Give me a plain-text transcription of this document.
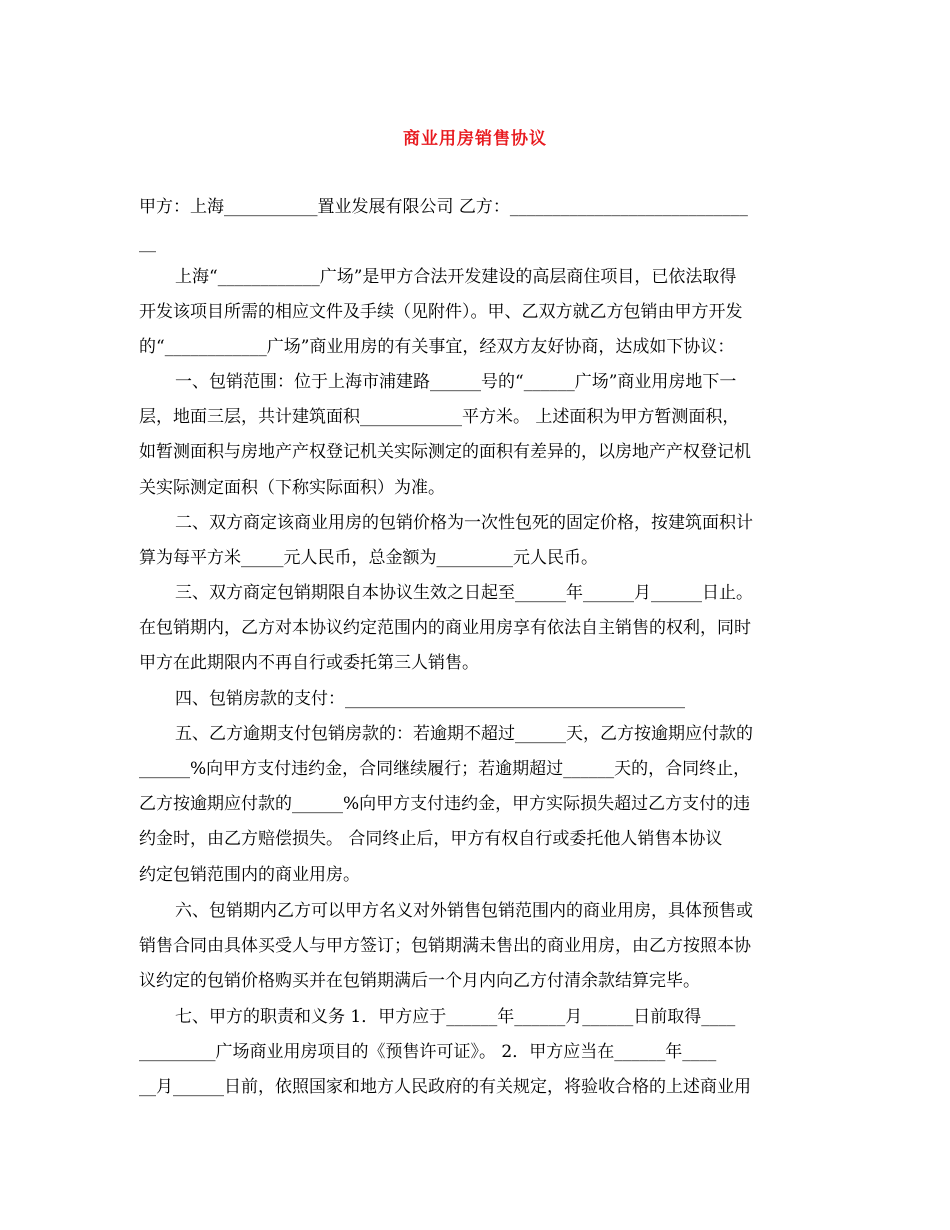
商业用房销售协议
甲方：上海___________置业发展有限公司 乙方：____________________________
__
上海“____________广场”是甲方合法开发建设的高层商住项目，已依法取得
开发该项目所需的相应文件及手续（见附件）。甲、乙双方就乙方包销由甲方开发
的“____________广场”商业用房的有关事宜，经双方友好协商，达成如下协议：
一、包销范围：位于上海市浦建路______号的“______广场”商业用房地下一
层，地面三层，共计建筑面积____________平方米。 上述面积为甲方暂测面积，
如暂测面积与房地产产权登记机关实际测定的面积有差异的，以房地产产权登记机
关实际测定面积（下称实际面积）为准。
二、双方商定该商业用房的包销价格为一次性包死的固定价格，按建筑面积计
算为每平方米_____元人民币，总金额为_________元人民币。
三、双方商定包销期限自本协议生效之日起至______年______月______日止。
在包销期内，乙方对本协议约定范围内的商业用房享有依法自主销售的权利，同时
甲方在此期限内不再自行或委托第三人销售。
四、包销房款的支付：________________________________________
五、乙方逾期支付包销房款的：若逾期不超过______天，乙方按逾期应付款的
______%向甲方支付违约金，合同继续履行；若逾期超过______天的，合同终止，
乙方按逾期应付款的______%向甲方支付违约金，甲方实际损失超过乙方支付的违
约金时，由乙方赔偿损失。 合同终止后，甲方有权自行或委托他人销售本协议
约定包销范围内的商业用房。
六、包销期内乙方可以甲方名义对外销售包销范围内的商业用房，具体预售或
销售合同由具体买受人与甲方签订；包销期满未售出的商业用房，由乙方按照本协
议约定的包销价格购买并在包销期满后一个月内向乙方付清余款结算完毕。
七、甲方的职责和义务 1．甲方应于______年______月______日前取得____
_________广场商业用房项目的《预售许可证》。 2．甲方应当在______年____
__月______日前，依照国家和地方人民政府的有关规定，将验收合格的上述商业用
